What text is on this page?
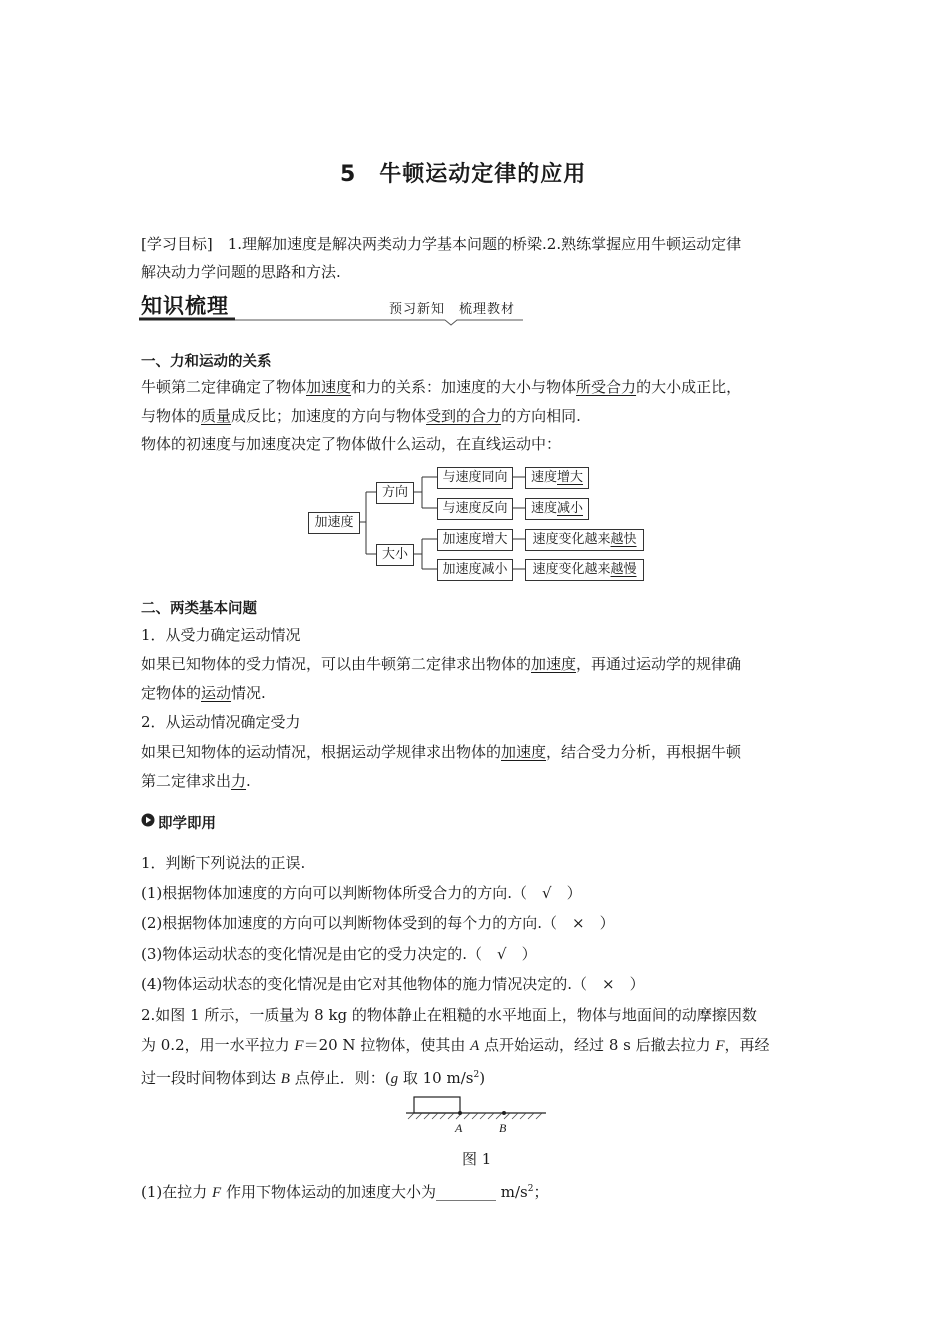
5　牛顿运动定律的应用
[学习目标]　1.理解加速度是解决两类动力学基本问题的桥梁.2.熟练掌握应用牛顿运动定律
解决动力学问题的思路和方法.
知识梳理	预习新知　梳理教材
一、力和运动的关系
牛顿第二定律确定了物体加速度和力的关系：加速度的大小与物体所受合力的大小成正比，
与物体的质量成反比；加速度的方向与物体受到的合力的方向相同.
物体的初速度与加速度决定了物体做什么运动，在直线运动中：
加速度
方向
大小
与速度同向
与速度反向
加速度增大
加速度减小
速度增大
速度减小
速度变化越来越快
速度变化越来越慢
二、两类基本问题
1．从受力确定运动情况
如果已知物体的受力情况，可以由牛顿第二定律求出物体的加速度，再通过运动学的规律确
定物体的运动情况.
2．从运动情况确定受力
如果已知物体的运动情况，根据运动学规律求出物体的加速度，结合受力分析，再根据牛顿
第二定律求出力.
即学即用
1．判断下列说法的正误.
(1)根据物体加速度的方向可以判断物体所受合力的方向.（　√　）
(2)根据物体加速度的方向可以判断物体受到的每个力的方向.（　×　）
(3)物体运动状态的变化情况是由它的受力决定的.（　√　）
(4)物体运动状态的变化情况是由它对其他物体的施力情况决定的.（　×　）
2.如图 1 所示，一质量为 8 kg 的物体静止在粗糙的水平地面上，物体与地面间的动摩擦因数
为 0.2，用一水平拉力 F＝20 N 拉物体，使其由 A 点开始运动，经过 8 s 后撤去拉力 F，再经
过一段时间物体到达 B 点停止．则：(g 取 10 $m/s^2$)
A	B
图 1
(1)在拉力 F 作用下物体运动的加速度大小为________ $m/s^2$；
